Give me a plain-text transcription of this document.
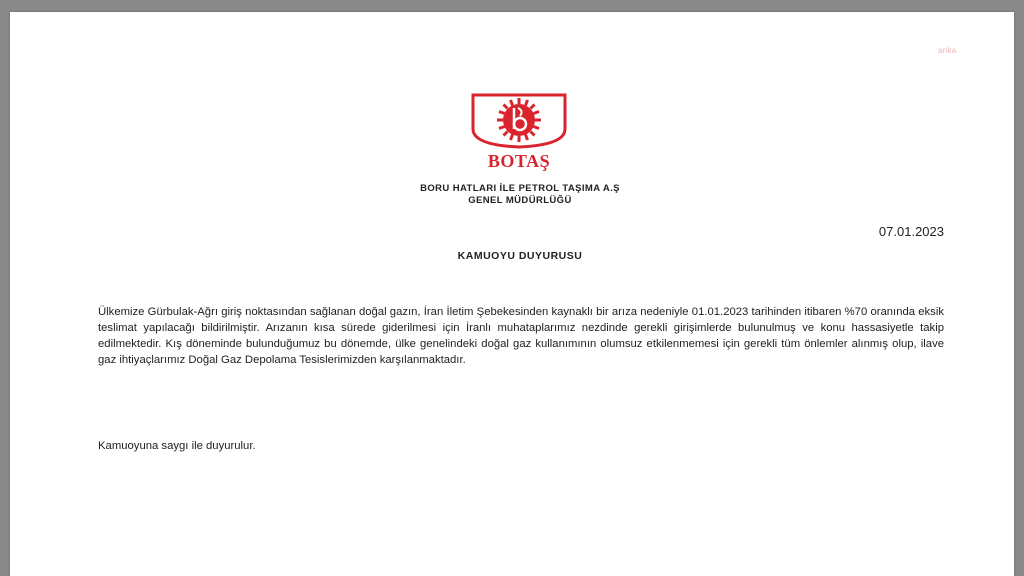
anka
BOTAŞ
BORU HATLARI İLE PETROL TAŞIMA A.Ş
GENEL MÜDÜRLÜĞÜ
07.01.2023
KAMUOYU DUYURUSU

Ülkemize Gürbulak-Ağrı giriş noktasından sağlanan doğal gazın, İran İletim Şebekesinden kaynaklı bir arıza nedeniyle 01.01.2023 tarihinden itibaren %70 oranında eksik teslimat yapılacağı bildirilmiştir. Arızanın kısa sürede giderilmesi için İranlı muhataplarımız nezdinde gerekli girişimlerde bulunulmuş ve konu hassasiyetle takip edilmektedir. Kış döneminde bulunduğumuz bu dönemde, ülke genelindeki doğal gaz kullanımının olumsuz etkilenmemesi için gerekli tüm önlemler alınmış olup, ilave gaz ihtiyaçlarımız Doğal Gaz Depolama Tesislerimizden karşılanmaktadır.

Kamuoyuna saygı ile duyurulur.
